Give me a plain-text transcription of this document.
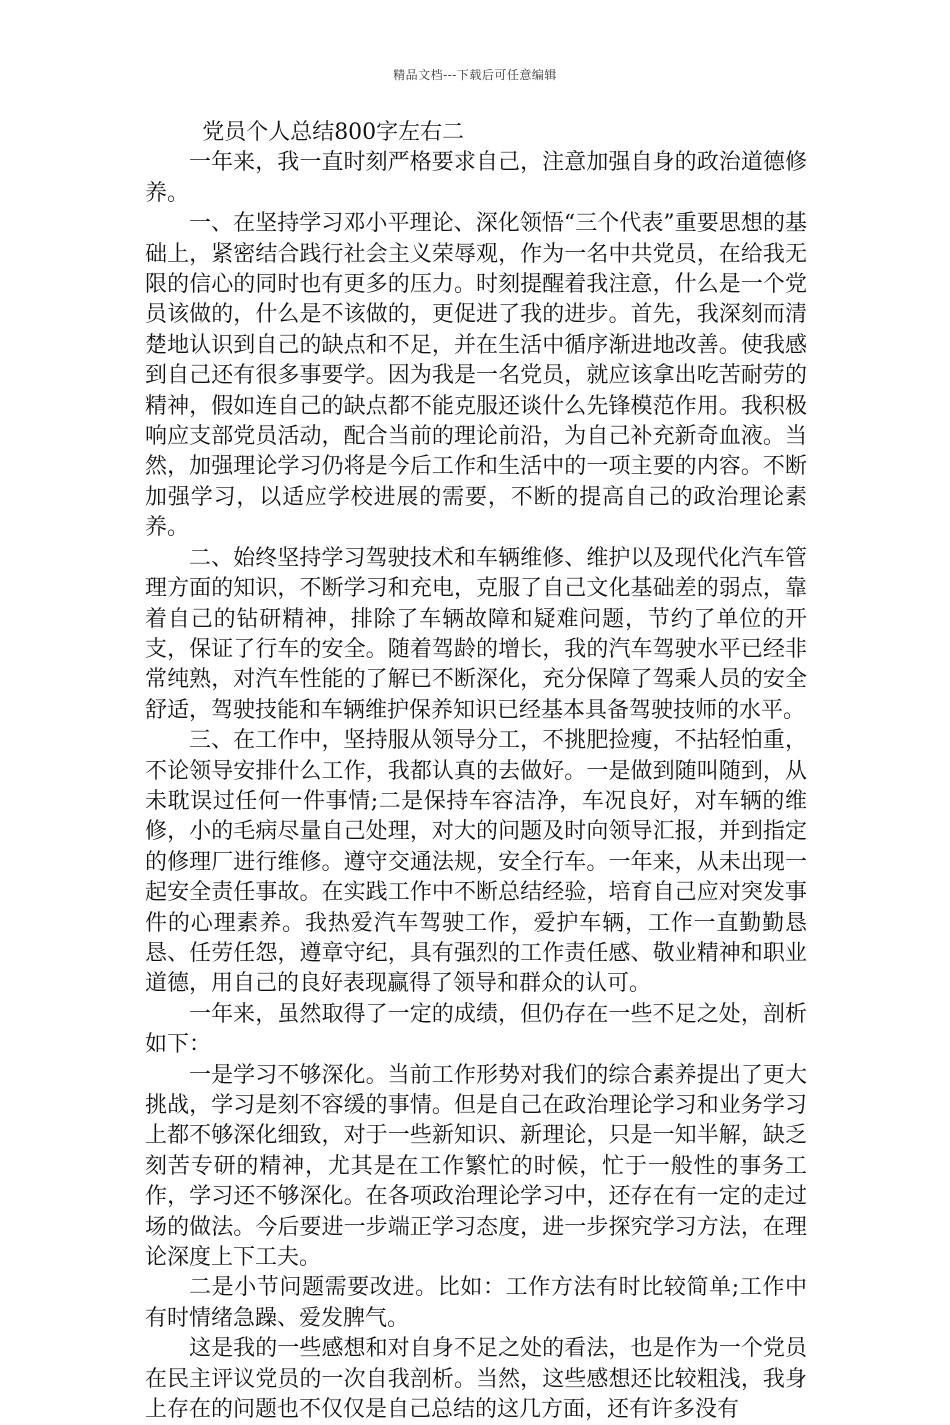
精品文档---下载后可任意编辑

党员个人总结800字左右二

一年来，我一直时刻严格要求自己，注意加强自身的政治道德修养。

一、在坚持学习邓小平理论、深化领悟“三个代表”重要思想的基础上，紧密结合践行社会主义荣辱观，作为一名中共党员，在给我无限的信心的同时也有更多的压力。时刻提醒着我注意，什么是一个党员该做的，什么是不该做的，更促进了我的进步。首先，我深刻而清楚地认识到自己的缺点和不足，并在生活中循序渐进地改善。使我感到自己还有很多事要学。因为我是一名党员，就应该拿出吃苦耐劳的精神，假如连自己的缺点都不能克服还谈什么先锋模范作用。我积极响应支部党员活动，配合当前的理论前沿，为自己补充新奇血液。当然，加强理论学习仍将是今后工作和生活中的一项主要的内容。不断加强学习，以适应学校进展的需要，不断的提高自己的政治理论素养。

二、始终坚持学习驾驶技术和车辆维修、维护以及现代化汽车管理方面的知识，不断学习和充电，克服了自己文化基础差的弱点，靠着自己的钻研精神，排除了车辆故障和疑难问题，节约了单位的开支，保证了行车的安全。随着驾龄的增长，我的汽车驾驶水平已经非常纯熟，对汽车性能的了解已不断深化，充分保障了驾乘人员的安全舒适，驾驶技能和车辆维护保养知识已经基本具备驾驶技师的水平。

三、在工作中，坚持服从领导分工，不挑肥捡瘦，不拈轻怕重，不论领导安排什么工作，我都认真的去做好。一是做到随叫随到，从未耽误过任何一件事情;二是保持车容洁净，车况良好，对车辆的维修，小的毛病尽量自己处理，对大的问题及时向领导汇报，并到指定的修理厂进行维修。遵守交通法规，安全行车。一年来，从未出现一起安全责任事故。在实践工作中不断总结经验，培育自己应对突发事件的心理素养。我热爱汽车驾驶工作，爱护车辆，工作一直勤勤恳恳、任劳任怨，遵章守纪，具有强烈的工作责任感、敬业精神和职业道德，用自己的良好表现赢得了领导和群众的认可。

一年来，虽然取得了一定的成绩，但仍存在一些不足之处，剖析如下：

一是学习不够深化。当前工作形势对我们的综合素养提出了更大挑战，学习是刻不容缓的事情。但是自己在政治理论学习和业务学习上都不够深化细致，对于一些新知识、新理论，只是一知半解，缺乏刻苦专研的精神，尤其是在工作繁忙的时候，忙于一般性的事务工作，学习还不够深化。在各项政治理论学习中，还存在有一定的走过场的做法。今后要进一步端正学习态度，进一步探究学习方法，在理论深度上下工夫。

二是小节问题需要改进。比如：工作方法有时比较简单;工作中有时情绪急躁、爱发脾气。

这是我的一些感想和对自身不足之处的看法，也是作为一个党员在民主评议党员的一次自我剖析。当然，这些感想还比较粗浅，我身上存在的问题也不仅仅是自己总结的这几方面，还有许多没有
